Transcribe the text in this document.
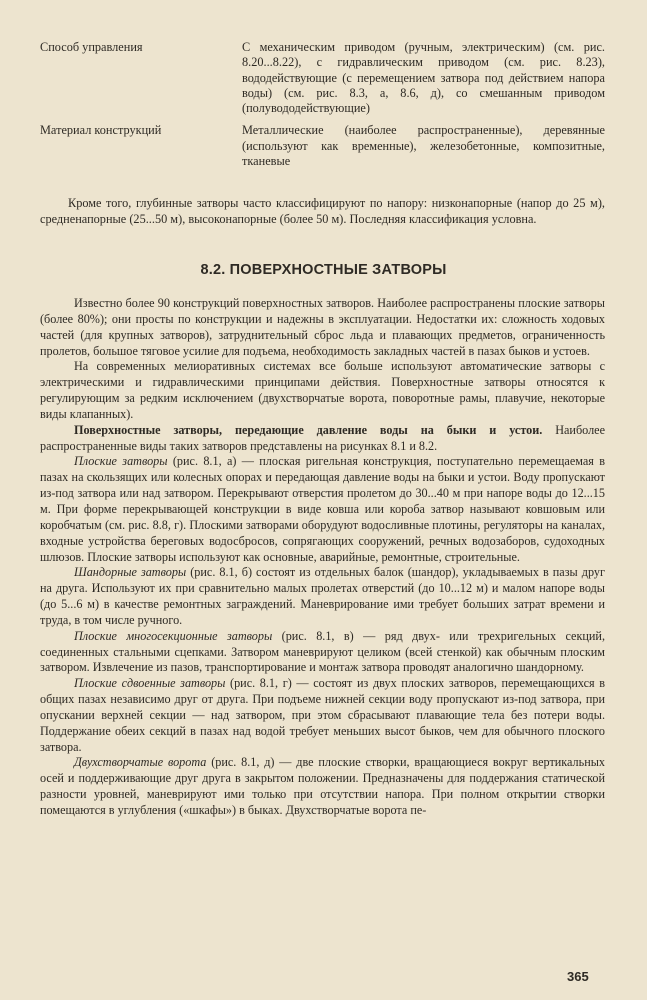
Способ управления	С механическим приводом (ручным, электрическим) (см. рис. 8.20...8.22), с гидравлическим приводом (см. рис. 8.23), вододействующие (с перемещением затвора под действием напора воды) (см. рис. 8.3, а, 8.6, д), со смешанным приводом (полувододействующие)
Материал конструкций	Металлические (наиболее распространенные), деревянные (используют как временные), железобетонные, композитные, тканевые

Кроме того, глубинные затворы часто классифицируют по напору: низконапорные (напор до 25 м), средненапорные (25...50 м), высоконапорные (более 50 м). Последняя классификация условна.

8.2. ПОВЕРХНОСТНЫЕ ЗАТВОРЫ

Известно более 90 конструкций поверхностных затворов. Наиболее распространены плоские затворы (более 80%); они просты по конструкции и надежны в эксплуатации. Недостатки их: сложность ходовых частей (для крупных затворов), затруднительный сброс льда и плавающих предметов, ограниченность пролетов, большое тяговое усилие для подъема, необходимость закладных частей в пазах быков и устоев.

На современных мелиоративных системах все больше используют автоматические затворы с электрическими и гидравлическими принципами действия. Поверхностные затворы относятся к регулирующим за редким исключением (двухстворчатые ворота, поворотные рамы, плавучие, некоторые виды клапанных).

Поверхностные затворы, передающие давление воды на быки и устои. Наиболее распространенные виды таких затворов представлены на рисунках 8.1 и 8.2.

Плоские затворы (рис. 8.1, а) — плоская ригельная конструкция, поступательно перемещаемая в пазах на скользящих или колесных опорах и передающая давление воды на быки и устои. Воду пропускают из-под затвора или над затвором. Перекрывают отверстия пролетом до 30...40 м при напоре воды до 12...15 м. При форме перекрывающей конструкции в виде ковша или короба затвор называют ковшовым или коробчатым (см. рис. 8.8, г). Плоскими затворами оборудуют водосливные плотины, регуляторы на каналах, входные устройства береговых водосбросов, сопрягающих сооружений, речных водозаборов, судоходных шлюзов. Плоские затворы используют как основные, аварийные, ремонтные, строительные.

Шандорные затворы (рис. 8.1, б) состоят из отдельных балок (шандор), укладываемых в пазы друг на друга. Используют их при сравнительно малых пролетах отверстий (до 10...12 м) и малом напоре воды (до 5...6 м) в качестве ремонтных заграждений. Маневрирование ими требует больших затрат времени и труда, в том числе ручного.

Плоские многосекционные затворы (рис. 8.1, в) — ряд двух- или трехригельных секций, соединенных стальными сцепками. Затвором маневрируют целиком (всей стенкой) как обычным плоским затвором. Извлечение из пазов, транспортирование и монтаж затвора проводят аналогично шандорному.

Плоские сдвоенные затворы (рис. 8.1, г) — состоят из двух плоских затворов, перемещающихся в общих пазах независимо друг от друга. При подъеме нижней секции воду пропускают из-под затвора, при опускании верхней секции — над затвором, при этом сбрасывают плавающие тела без потери воды. Поддержание обеих секций в пазах над водой требует меньших высот быков, чем для обычного плоского затвора.

Двухстворчатые ворота (рис. 8.1, д) — две плоские створки, вращающиеся вокруг вертикальных осей и поддерживающие друг друга в закрытом положении. Предназначены для поддержания статической разности уровней, маневрируют ими только при отсутствии напора. При полном открытии створки помещаются в углубления («шкафы») в быках. Двухстворчатые ворота пе-

365
